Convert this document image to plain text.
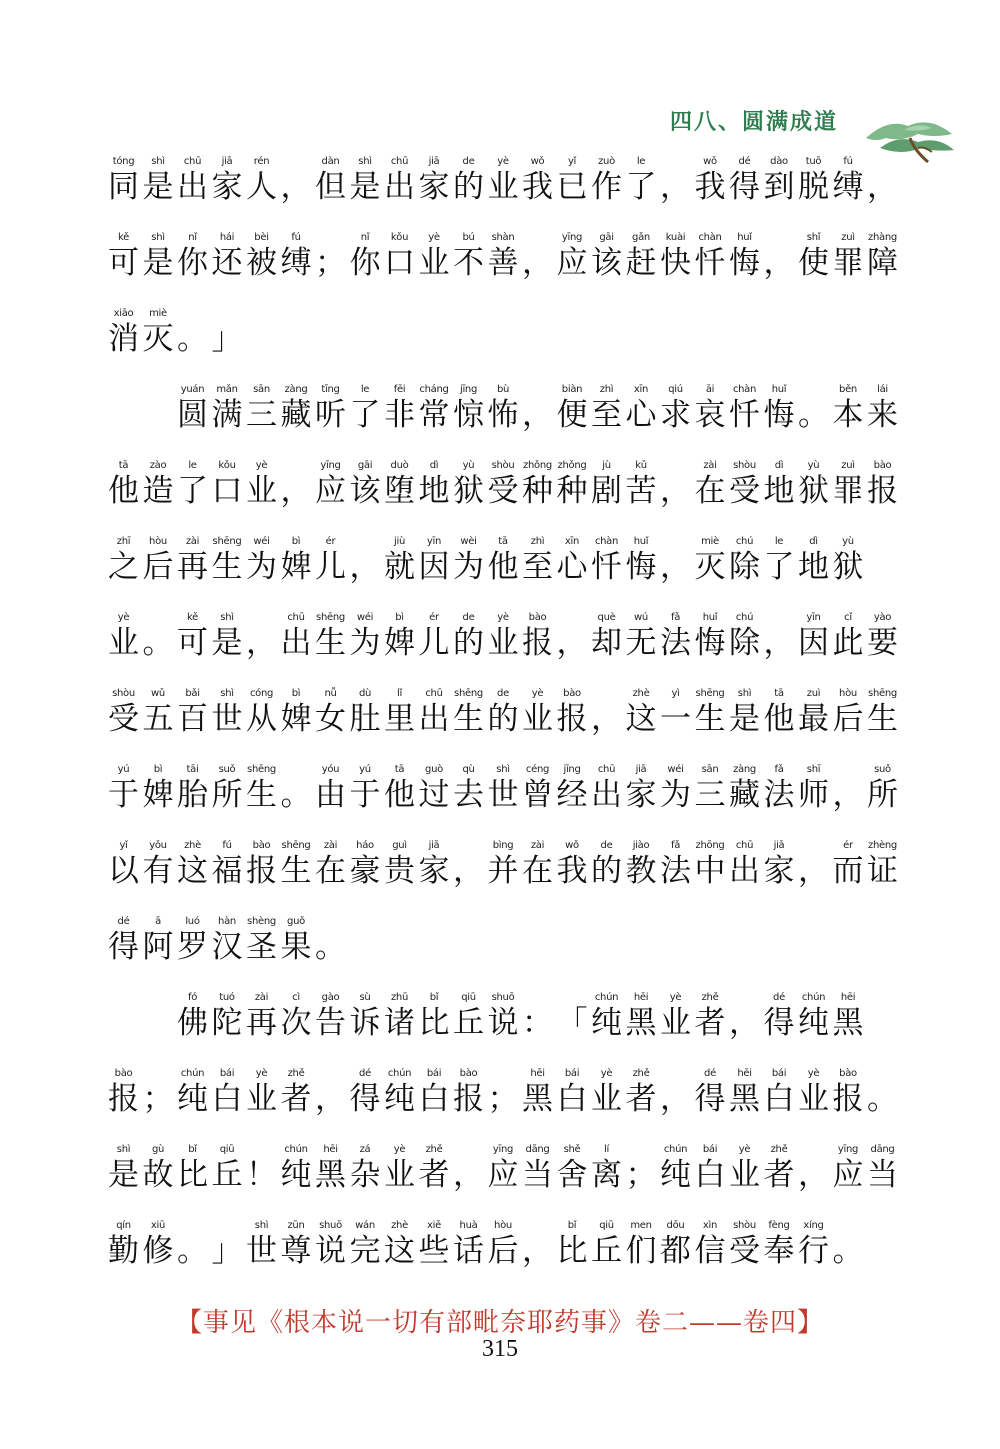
四八、圆满成道
tóng
同
shì
是
chū
出
jiā
家
rén
人 ，
dàn
但
shì
是
chū
出
jiā
家
de
的
yè
业
wǒ
我
yǐ
已
zuò
作
le
了 ，
wǒ
我
dé
得
dào
到
tuō
脱
fú
缚 ，
kě
可
shì
是
nǐ
你
hái
还
bèi
被
fú
缚 ；
nǐ
你
kǒu
口
yè
业
bú
不
shàn
善 ，
yīng
应
gāi
该
gǎn
赶
kuài
快
chàn
忏
huǐ
悔 ，
shǐ
使
zuì
罪
zhàng
障
xiāo
消
miè
灭 。 」
yuán
圆
mǎn
满
sān
三
zàng
藏
tīng
听
le
了
fēi
非
cháng
常
jīng
惊
bù
怖 ，
biàn
便
zhì
至
xīn
心
qiú
求
āi
哀
chàn
忏
huǐ
悔 。
běn
本
lái
来
tā
他
zào
造
le
了
kǒu
口
yè
业 ，
yīng
应
gāi
该
duò
堕
dì
地
yù
狱
shòu
受
zhǒng
种
zhǒng
种
jù
剧
kǔ
苦 ，
zài
在
shòu
受
dì
地
yù
狱
zuì
罪
bào
报
zhī
之
hòu
后
zài
再
shēng
生
wéi
为
bì
婢
ér
儿 ，
jiù
就
yīn
因
wèi
为
tā
他
zhì
至
xīn
心
chàn
忏
huǐ
悔 ，
miè
灭
chú
除
le
了
dì
地
yù
狱
yè
业 。
kě
可
shì
是 ，
chū
出
shēng
生
wéi
为
bì
婢
ér
儿
de
的
yè
业
bào
报 ，
què
却
wú
无
fǎ
法
huǐ
悔
chú
除 ，
yīn
因
cǐ
此
yào
要
shòu
受
wǔ
五
bǎi
百
shì
世
cóng
从
bì
婢
nǚ
女
dù
肚
lǐ
里
chū
出
shēng
生
de
的
yè
业
bào
报 ，
zhè
这
yì
一
shēng
生
shì
是
tā
他
zuì
最
hòu
后
shēng
生
yú
于
bì
婢
tāi
胎
suǒ
所
shēng
生 。
yóu
由
yú
于
tā
他
guò
过
qù
去
shì
世
céng
曾
jīng
经
chū
出
jiā
家
wéi
为
sān
三
zàng
藏
fǎ
法
shī
师 ，
suǒ
所
yǐ
以
yǒu
有
zhè
这
fú
福
bào
报
shēng
生
zài
在
háo
豪
guì
贵
jiā
家 ，
bìng
并
zài
在
wǒ
我
de
的
jiào
教
fǎ
法
zhōng
中
chū
出
jiā
家 ，
ér
而
zhèng
证
dé
得
ā
阿
luó
罗
hàn
汉
shèng
圣
guǒ
果 。
fó
佛
tuó
陀
zài
再
cì
次
gào
告
sù
诉
zhū
诸
bǐ
比
qiū
丘
shuō
说 ： 「
chún
纯
hēi
黑
yè
业
zhě
者 ，
dé
得
chún
纯
hēi
黑
bào
报 ；
chún
纯
bái
白
yè
业
zhě
者 ，
dé
得
chún
纯
bái
白
bào
报 ；
hēi
黑
bái
白
yè
业
zhě
者 ，
dé
得
hēi
黑
bái
白
yè
业
bào
报 。
shì
是
gù
故
bǐ
比
qiū
丘 ！
chún
纯
hēi
黑
zá
杂
yè
业
zhě
者 ，
yīng
应
dāng
当
shě
舍
lí
离 ；
chún
纯
bái
白
yè
业
zhě
者 ，
yīng
应
dāng
当
qín
勤
xiū
修 。 」
shì
世
zūn
尊
shuō
说
wán
完
zhè
这
xiē
些
huà
话
hòu
后 ，
bǐ
比
qiū
丘
men
们
dōu
都
xìn
信
shòu
受
fèng
奉
xíng
行 。
【事见《根本说一切有部毗奈耶药事》卷二——卷四】
315
